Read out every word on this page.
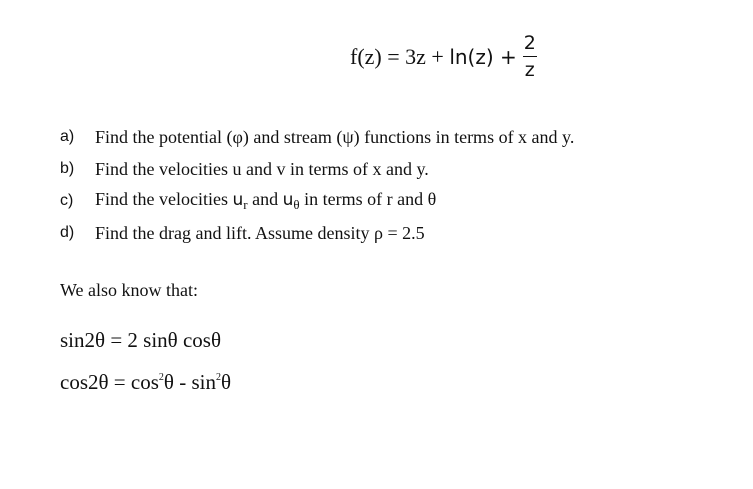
$f(z) = 3z + \ln(z) + \frac{2}{z}$
a)	Find the potential (φ) and stream (ψ) functions in terms of x and y.
b)	Find the velocities u and v in terms of x and y.
c)	Find the velocities $u_r$ and $u_\theta$ in terms of r and θ
d)	Find the drag and lift. Assume density ρ = 2.5
We also know that:
sin2θ = 2 sinθ cosθ
$\cos 2\theta = \cos^2\theta - \sin^2\theta$
